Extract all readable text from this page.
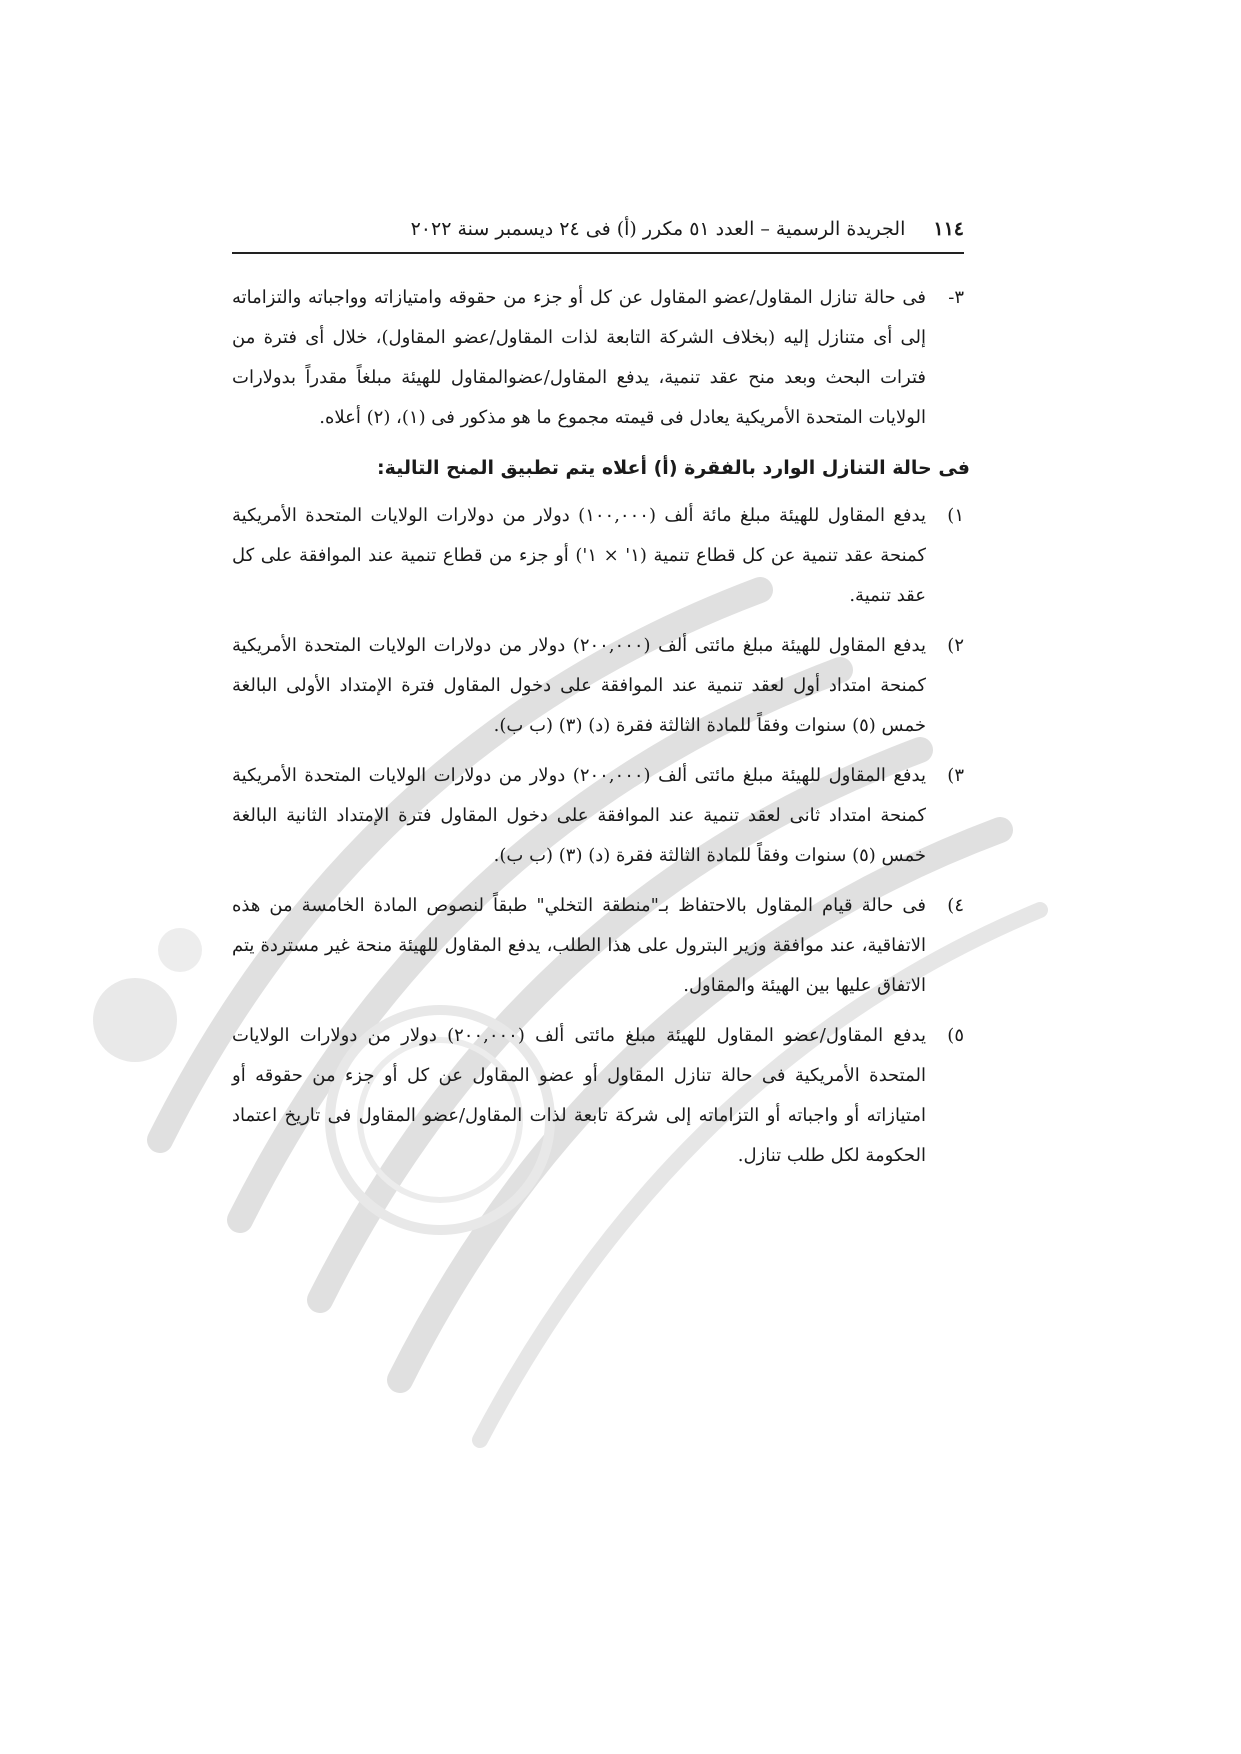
١١٤
الجريدة الرسمية – العدد ٥١ مكرر (أ) فى ٢٤ ديسمبر سنة ٢٠٢٢
٣-
فى حالة تنازل المقاول/عضو المقاول عن كل أو جزء من حقوقه وامتيازاته وواجباته والتزاماته إلى أى متنازل إليه (بخلاف الشركة التابعة لذات المقاول/عضو المقاول)، خلال أى فترة من فترات البحث وبعد منح عقد تنمية، يدفع المقاول/عضوالمقاول للهيئة مبلغاً مقدراً بدولارات الولايات المتحدة الأمريكية يعادل فى قيمته مجموع ما هو مذكور فى (١)، (٢) أعلاه.
فى حالة التنازل الوارد بالفقرة (أ) أعلاه يتم تطبيق المنح التالية:
١)
يدفع المقاول للهيئة مبلغ مائة ألف (١٠٠,٠٠٠) دولار من دولارات الولايات المتحدة الأمريكية كمنحة عقد تنمية عن كل قطاع تنمية (١' × ١') أو جزء من قطاع تنمية عند الموافقة على كل عقد تنمية.
٢)
يدفع المقاول للهيئة مبلغ مائتى ألف (٢٠٠,٠٠٠) دولار من دولارات الولايات المتحدة الأمريكية كمنحة امتداد أول لعقد تنمية عند الموافقة على دخول المقاول فترة الإمتداد الأولى البالغة خمس (٥) سنوات وفقاً للمادة الثالثة فقرة (د) (٣) (ب ب).
٣)
يدفع المقاول للهيئة مبلغ مائتى ألف (٢٠٠,٠٠٠) دولار من دولارات الولايات المتحدة الأمريكية كمنحة امتداد ثانى لعقد تنمية عند الموافقة على دخول المقاول فترة الإمتداد الثانية البالغة خمس (٥) سنوات وفقاً للمادة الثالثة فقرة (د) (٣) (ب ب).
٤)
فى حالة قيام المقاول بالاحتفاظ بـ"منطقة التخلي" طبقاً لنصوص المادة الخامسة من هذه الاتفاقية، عند موافقة وزير البترول على هذا الطلب، يدفع المقاول للهيئة منحة غير مستردة يتم الاتفاق عليها بين الهيئة والمقاول.
٥)
يدفع المقاول/عضو المقاول للهيئة مبلغ مائتى ألف (٢٠٠,٠٠٠) دولار من دولارات الولايات المتحدة الأمريكية فى حالة تنازل المقاول أو عضو المقاول عن كل أو جزء من حقوقه أو امتيازاته أو واجباته أو التزاماته إلى شركة تابعة لذات المقاول/عضو المقاول فى تاريخ اعتماد الحكومة لكل طلب تنازل.
